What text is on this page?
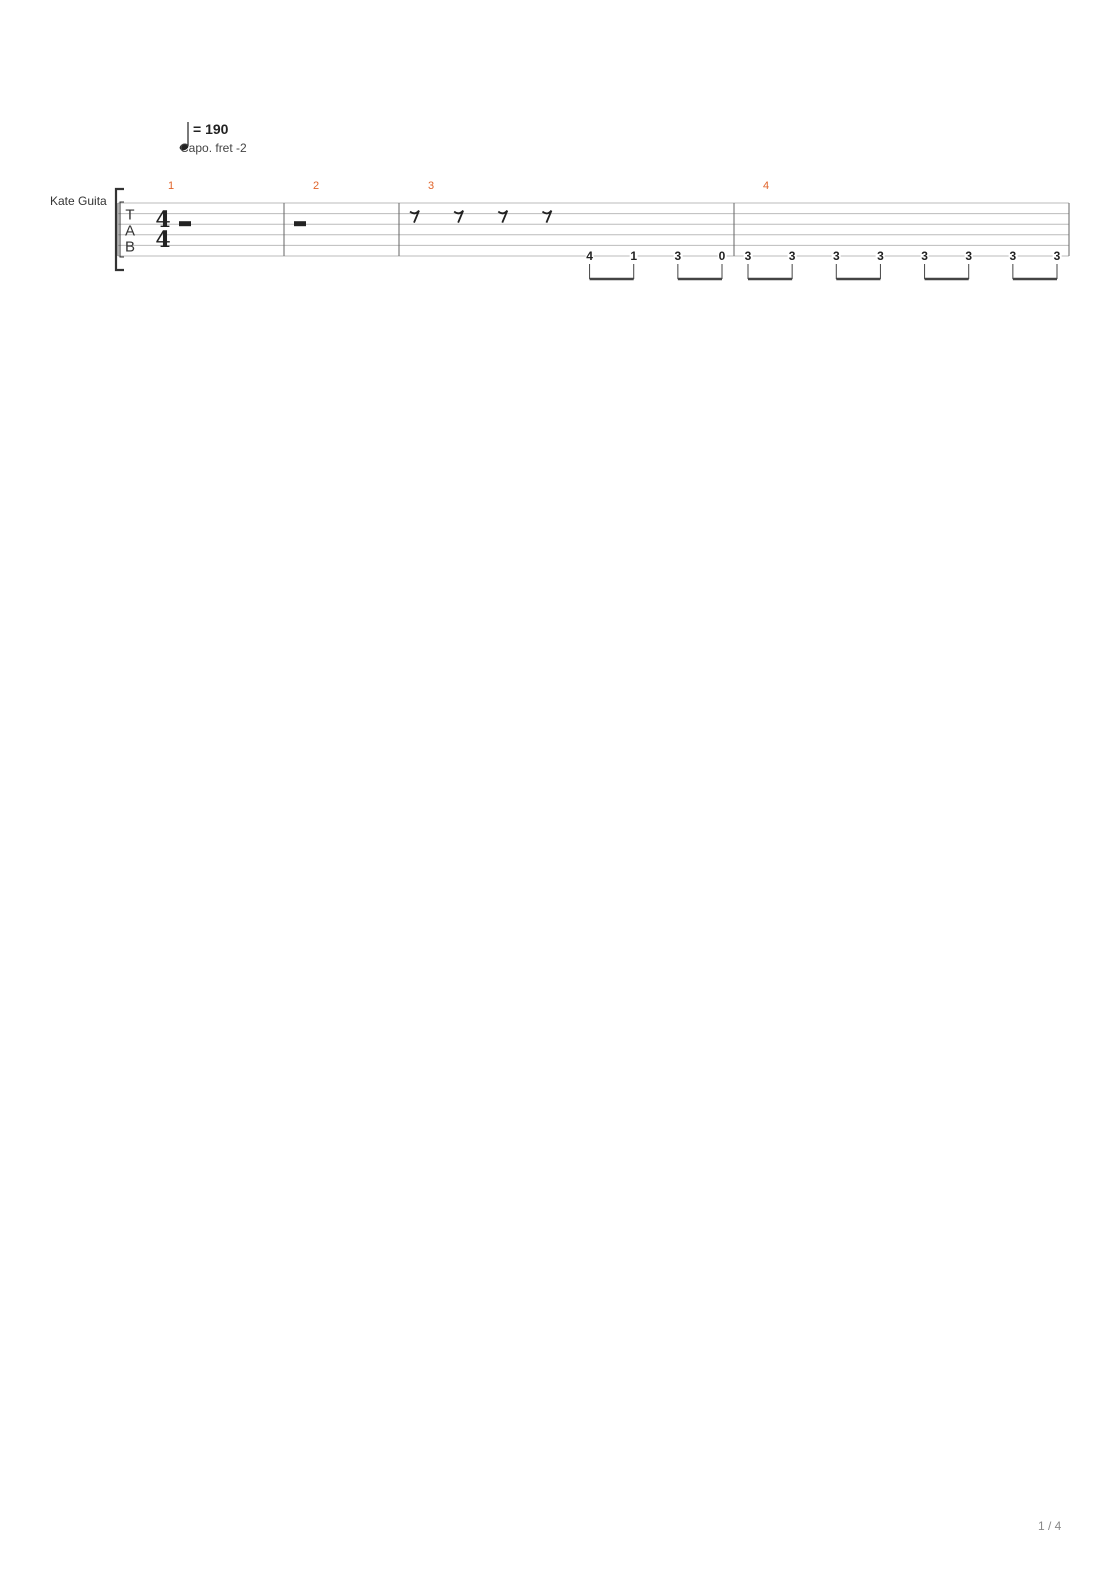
T
A
B
1	2	3
4	1	3	0
4
3	3	3	3	3	3	3	3
= 190
Capo. fret -2
Kate Guita
4
4
1 / 4
